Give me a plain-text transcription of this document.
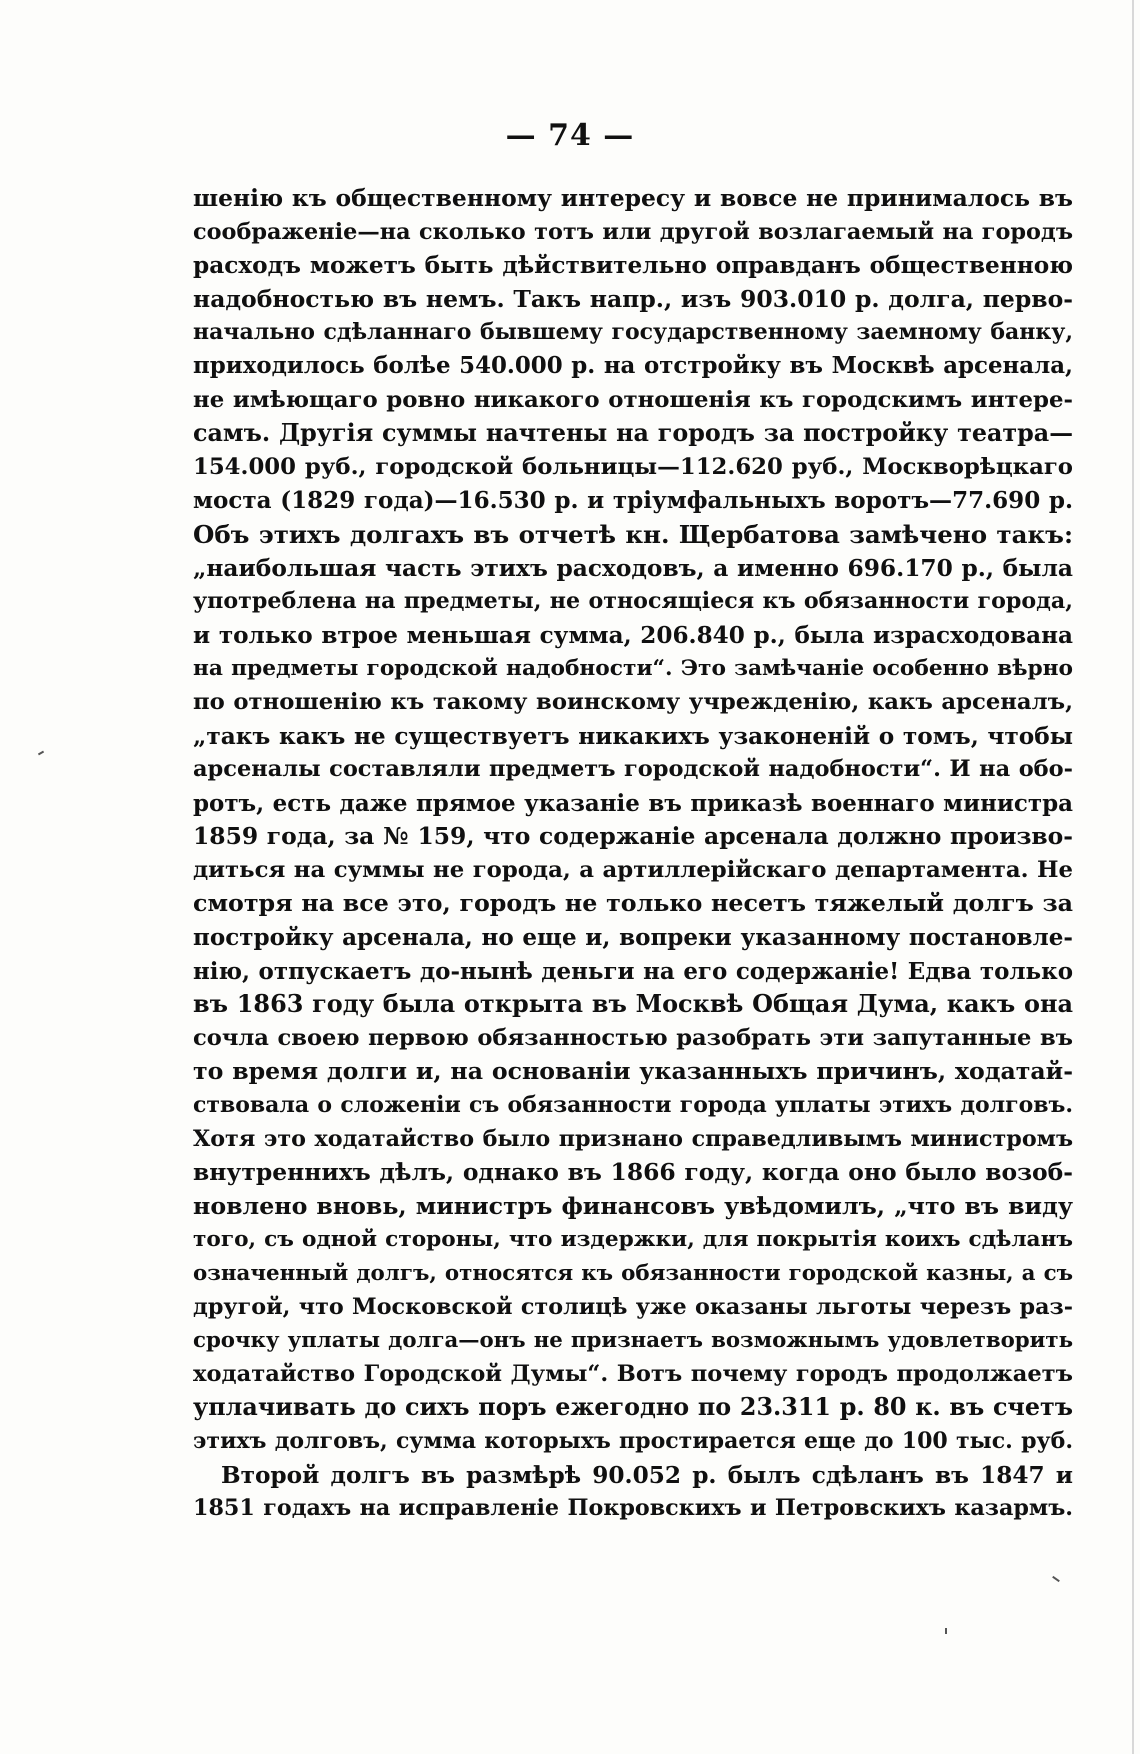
— 74 —
шенію къ общественному интересу и вовсе не принималось въ
соображеніе—на сколько тотъ или другой возлагаемый на городъ
расходъ можетъ быть дѣйствительно оправданъ общественною
надобностью въ немъ. Такъ напр., изъ 903.010 р. долга, перво-
начально сдѣланнаго бывшему государственному заемному банку,
приходилось болѣе 540.000 р. на отстройку въ Москвѣ арсенала,
не имѣющаго ровно никакого отношенія къ городскимъ интере-
самъ. Другія суммы начтены на городъ за постройку театра—
154.000 руб., городской больницы—112.620 руб., Москворѣцкаго
моста (1829 года)—16.530 р. и тріумфальныхъ воротъ—77.690 р.
Объ этихъ долгахъ въ отчетѣ кн. Щербатова замѣчено такъ:
„наибольшая часть этихъ расходовъ, а именно 696.170 р., была
употреблена на предметы, не относящіеся къ обязанности города,
и только втрое меньшая сумма, 206.840 р., была израсходована
на предметы городской надобности“. Это замѣчаніе особенно вѣрно
по отношенію къ такому воинскому учрежденію, какъ арсеналъ,
„такъ какъ не существуетъ никакихъ узаконеній о томъ, чтобы
арсеналы составляли предметъ городской надобности“. И на обо-
ротъ, есть даже прямое указаніе въ приказѣ военнаго министра
1859 года, за № 159, что содержаніе арсенала должно произво-
диться на суммы не города, а артиллерійскаго департамента. Не
смотря на все это, городъ не только несетъ тяжелый долгъ за
постройку арсенала, но еще и, вопреки указанному постановле-
нію, отпускаетъ до-нынѣ деньги на его содержаніе! Едва только
въ 1863 году была открыта въ Москвѣ Общая Дума, какъ она
сочла своею первою обязанностью разобрать эти запутанные въ
то время долги и, на основаніи указанныхъ причинъ, ходатай-
ствовала о сложеніи съ обязанности города уплаты этихъ долговъ.
Хотя это ходатайство было признано справедливымъ министромъ
внутреннихъ дѣлъ, однако въ 1866 году, когда оно было возоб-
новлено вновь, министръ финансовъ увѣдомилъ, „что въ виду
того, съ одной стороны, что издержки, для покрытія коихъ сдѣланъ
означенный долгъ, относятся къ обязанности городской казны, а съ
другой, что Московской столицѣ уже оказаны льготы черезъ раз-
срочку уплаты долга—онъ не признаетъ возможнымъ удовлетворить
ходатайство Городской Думы“. Вотъ почему городъ продолжаетъ
уплачивать до сихъ поръ ежегодно по 23.311 р. 80 к. въ счетъ
этихъ долговъ, сумма которыхъ простирается еще до 100 тыс. руб.
Второй долгъ въ размѣрѣ 90.052 р. былъ сдѣланъ въ 1847 и
1851 годахъ на исправленіе Покровскихъ и Петровскихъ казармъ.
